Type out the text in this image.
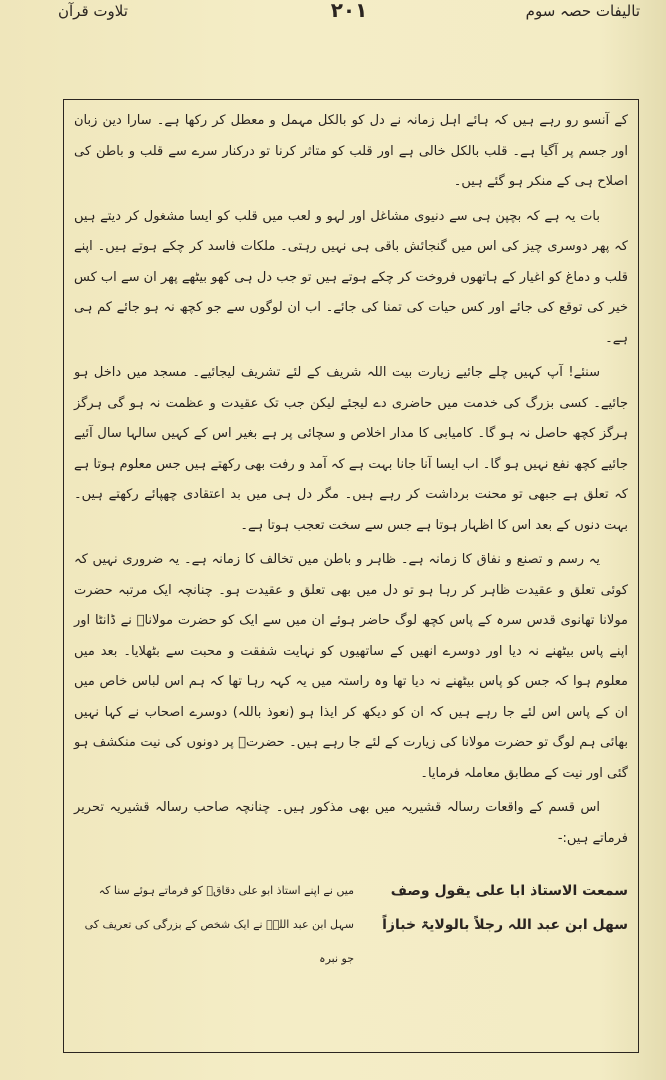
تلاوت قرآن	۲۰۱	تالیفات حصہ سوم

کے آنسو رو رہے ہیں کہ ہائے اہل زمانہ نے دل کو بالکل مہمل و معطل کر رکھا ہے۔ سارا دین زبان اور جسم پر آگیا ہے۔ قلب بالکل خالی ہے اور قلب کو متاثر کرنا تو درکنار سرے سے قلب و باطن کی اصلاح ہی کے منکر ہو گئے ہیں۔

بات یہ ہے کہ بچپن ہی سے دنیوی مشاغل اور لہو و لعب میں قلب کو ایسا مشغول کر دیتے ہیں کہ پھر دوسری چیز کی اس میں گنجائش باقی ہی نہیں رہتی۔ ملکات فاسد کر چکے ہوتے ہیں۔ اپنے قلب و دماغ کو اغیار کے ہاتھوں فروخت کر چکے ہوتے ہیں تو جب دل ہی کھو بیٹھے پھر ان سے اب کس خیر کی توقع کی جائے اور کس حیات کی تمنا کی جائے۔ اب ان لوگوں سے جو کچھ نہ ہو جائے کم ہی ہے۔

سنئے! آپ کہیں چلے جائیے زیارت بیت اللہ شریف کے لئے تشریف لیجائیے۔ مسجد میں داخل ہو جائیے۔ کسی بزرگ کی خدمت میں حاضری دے لیجئے لیکن جب تک عقیدت و عظمت نہ ہو گی ہرگز ہرگز کچھ حاصل نہ ہو گا۔ کامیابی کا مدار اخلاص و سچائی پر ہے بغیر اس کے کہیں سالہا سال آئیے جائیے کچھ نفع نہیں ہو گا۔ اب ایسا آنا جانا بہت ہے کہ آمد و رفت بھی رکھتے ہیں جس معلوم ہوتا ہے کہ تعلق ہے جبھی تو محنت برداشت کر رہے ہیں۔ مگر دل ہی میں بد اعتقادی چھپائے رکھتے ہیں۔ بہت دنوں کے بعد اس کا اظہار ہوتا ہے جس سے سخت تعجب ہوتا ہے۔

یہ رسم و تصنع و نفاق کا زمانہ ہے۔ ظاہر و باطن میں تخالف کا زمانہ ہے۔ یہ ضروری نہیں کہ کوئی تعلق و عقیدت ظاہر کر رہا ہو تو دل میں بھی تعلق و عقیدت ہو۔ چنانچہ ایک مرتبہ حضرت مولانا تھانوی قدس سرہ کے پاس کچھ لوگ حاضر ہوئے ان میں سے ایک کو حضرت مولاناؒ نے ڈانٹا اور اپنے پاس بیٹھنے نہ دیا اور دوسرے انھیں کے ساتھیوں کو نہایت شفقت و محبت سے بٹھلایا۔ بعد میں معلوم ہوا کہ جس کو پاس بیٹھنے نہ دیا تھا وہ راستہ میں یہ کہہ رہا تھا کہ ہم اس لباس خاص میں ان کے پاس اس لئے جا رہے ہیں کہ ان کو دیکھ کر ایذا ہو (نعوذ باللہ) دوسرے اصحاب نے کہا نہیں بھائی ہم لوگ تو حضرت مولانا کی زیارت کے لئے جا رہے ہیں۔ حضرتؒ پر دونوں کی نیت منکشف ہو گئی اور نیت کے مطابق معاملہ فرمایا۔

اس قسم کے واقعات رسالہ قشیریہ میں بھی مذکور ہیں۔ چنانچہ صاحب رسالہ قشیریہ تحریر فرماتے ہیں:-

سمعت الاستاذ ابا علی یقول وصف
سھل ابن عبد اللہ رجلاً بالولایۃ خبازاً
میں نے اپنے استاذ ابو علی دقاقؒ کو فرماتے ہوئے سنا کہ
سہل ابن عبد اللہؒ نے ایک شخص کے بزرگی کی تعریف کی جو نبرہ
